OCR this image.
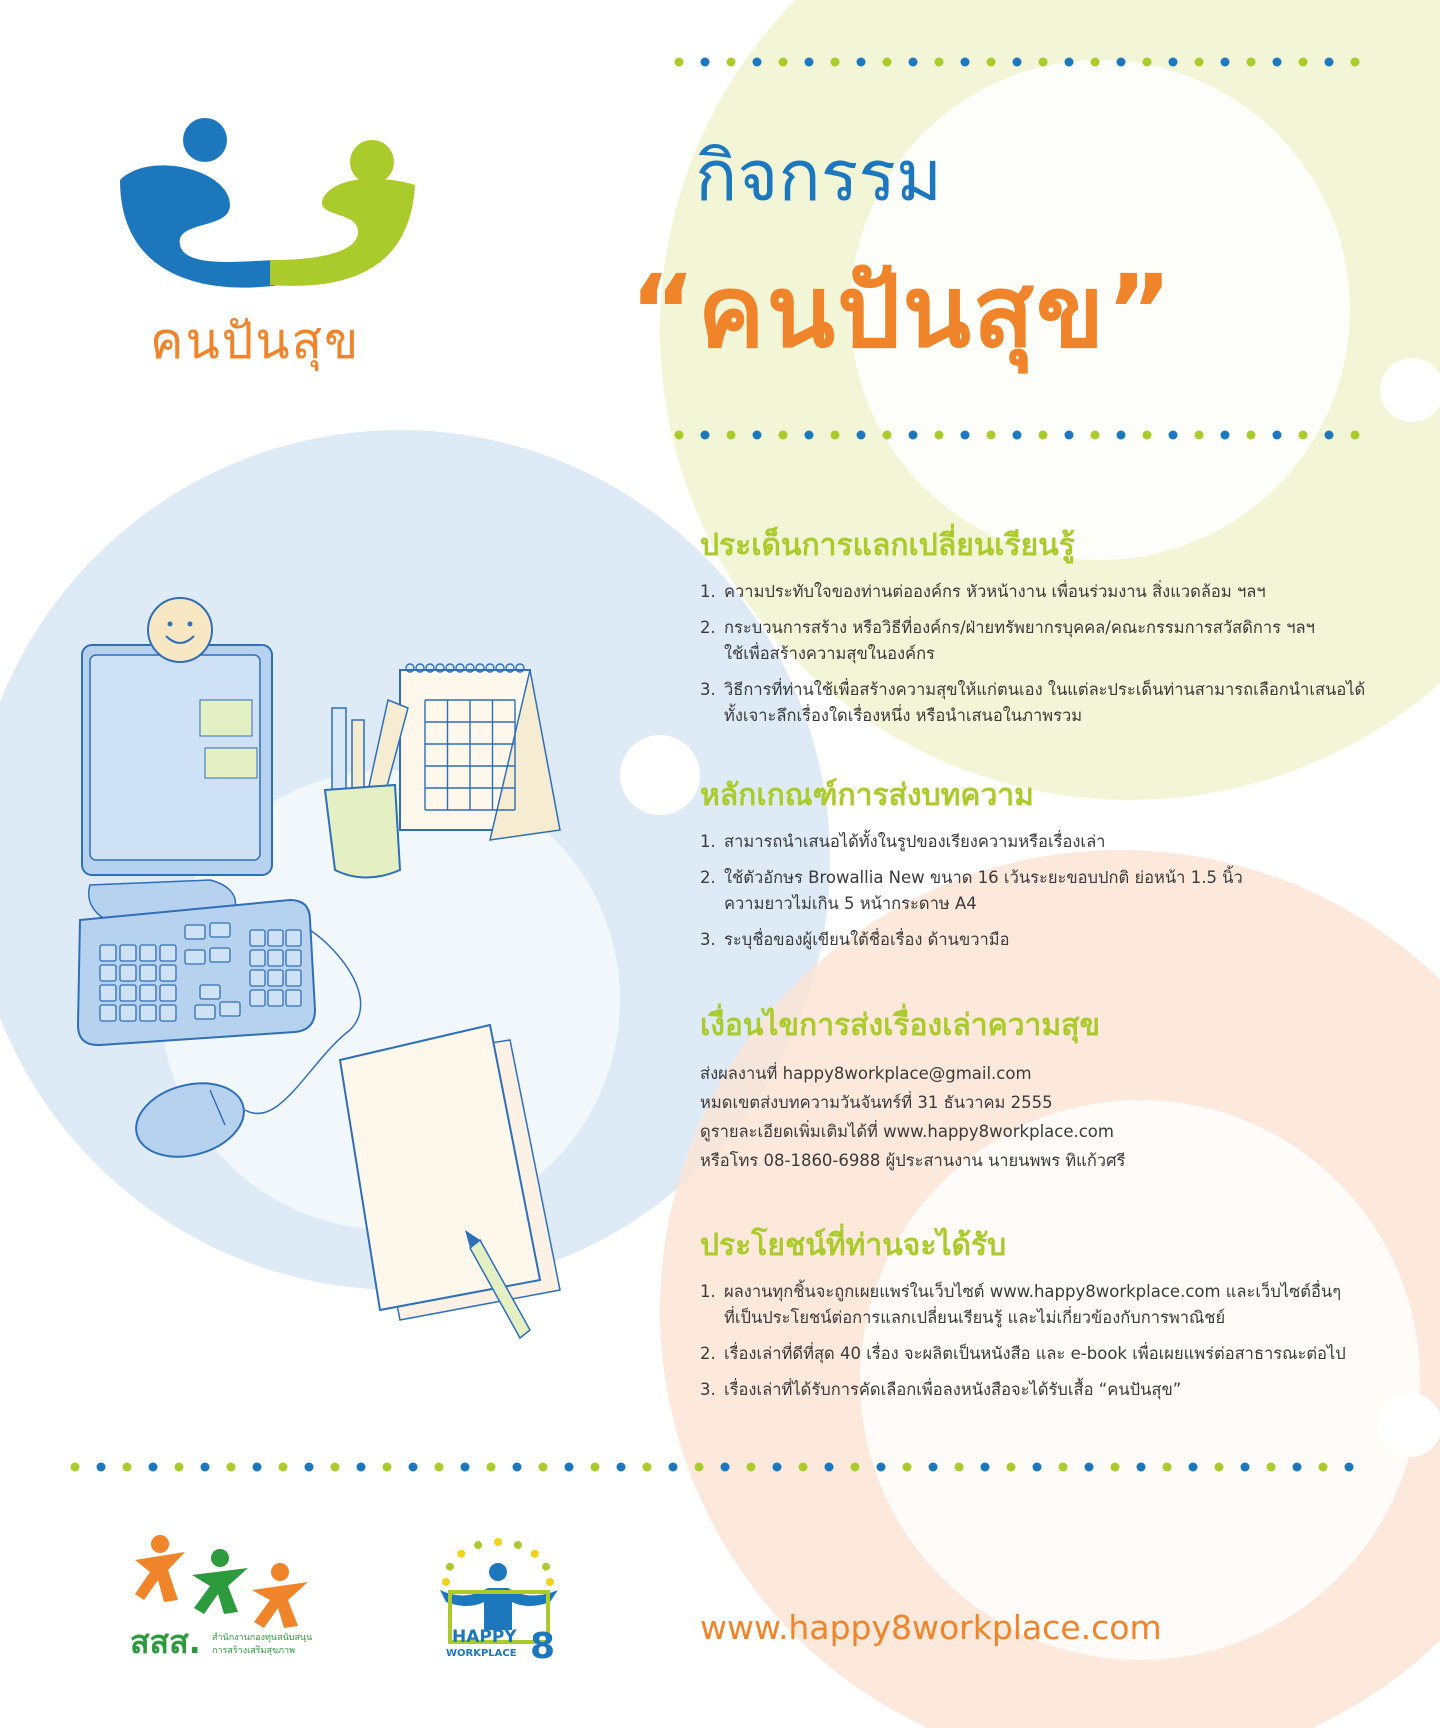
คนปันสุข
กิจกรรม
“คนปันสุข”
ประเด็นการแลกเปลี่ยนเรียนรู้
1. ความประทับใจของท่านต่อองค์กร หัวหน้างาน เพื่อนร่วมงาน สิ่งแวดล้อม ฯลฯ
2. กระบวนการสร้าง หรือวิธีที่องค์กร/ฝ่ายทรัพยากรบุคคล/คณะกรรมการสวัสดิการ ฯลฯ
ใช้เพื่อสร้างความสุขในองค์กร
3. วิธีการที่ท่านใช้เพื่อสร้างความสุขให้แก่ตนเอง ในแต่ละประเด็นท่านสามารถเลือกนำเสนอได้
ทั้งเจาะลึกเรื่องใดเรื่องหนึ่ง หรือนำเสนอในภาพรวม
หลักเกณฑ์การส่งบทความ
1. สามารถนำเสนอได้ทั้งในรูปของเรียงความหรือเรื่องเล่า
2. ใช้ตัวอักษร Browallia New ขนาด 16 เว้นระยะขอบปกติ ย่อหน้า 1.5 นิ้ว
ความยาวไม่เกิน 5 หน้ากระดาษ A4
3. ระบุชื่อของผู้เขียนใต้ชื่อเรื่อง ด้านขวามือ
เงื่อนไขการส่งเรื่องเล่าความสุข

ส่งผลงานที่ happy8workplace@gmail.com

หมดเขตส่งบทความวันจันทร์ที่ 31 ธันวาคม 2555

ดูรายละเอียดเพิ่มเติมได้ที่ www.happy8workplace.com

หรือโทร 08-1860-6988 ผู้ประสานงาน นายนพพร ทิแก้วศรี

ประโยชน์ที่ท่านจะได้รับ
1. ผลงานทุกชิ้นจะถูกเผยแพร่ในเว็บไซต์ www.happy8workplace.com และเว็บไซต์อื่นๆ
ที่เป็นประโยชน์ต่อการแลกเปลี่ยนเรียนรู้ และไม่เกี่ยวข้องกับการพาณิชย์
2. เรื่องเล่าที่ดีที่สุด 40 เรื่อง จะผลิตเป็นหนังสือ และ e-book เพื่อเผยแพร่ต่อสาธารณะต่อไป
3. เรื่องเล่าที่ได้รับการคัดเลือกเพื่อลงหนังสือจะได้รับเสื้อ “คนปันสุข”
สสส. สำนักงานกองทุนสนับสนุน
การสร้างเสริมสุขภาพ
HAPPY
WORKPLACE 8	www.happy8workplace.com
